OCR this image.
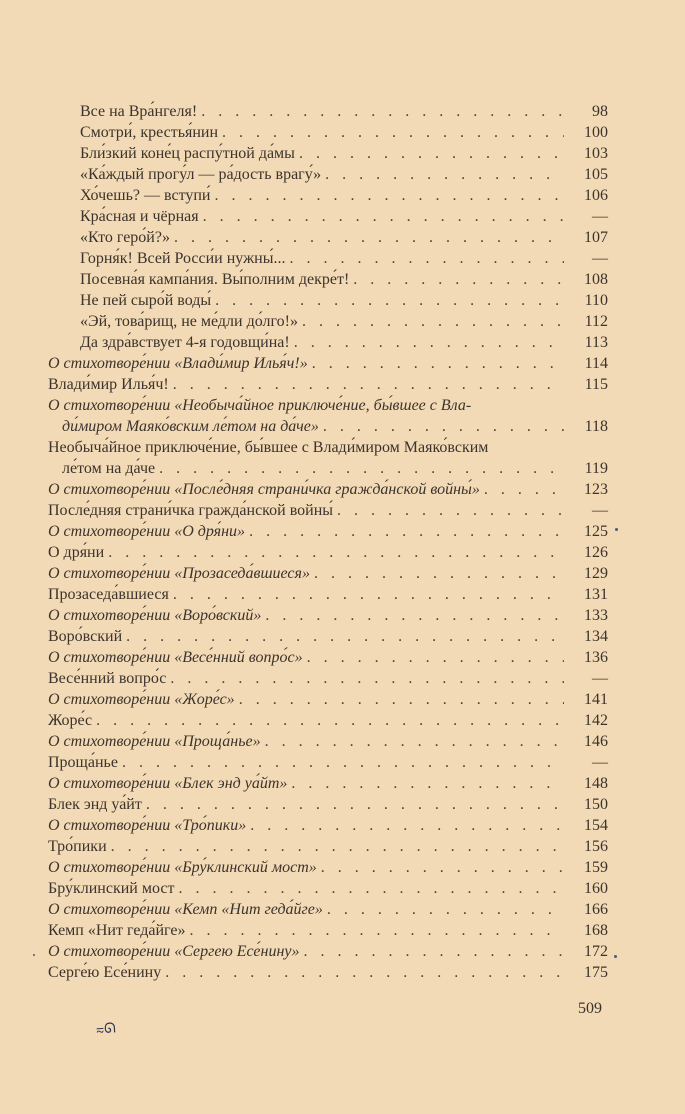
Все на Вра́нгеля! . . .	98
Смотри́, крестья́нин . . .	100
Бли́зкий коне́ц распу́тной да́мы . . .	103
«Ка́ждый прогу́л — ра́дость врагу́» . . .	105
Хо́чешь? — вступи́ . . .	106
Кра́сная и чёрная . . .	—
«Кто геро́й?» . . .	107
Горня́к! Всей Росси́и нужны́... . . .	—
Посевна́я кампа́ния. Вы́полним декре́т! . . .	108
Не пей сыро́й воды́ . . .	110
«Эй, това́рищ, не ме́дли до́лго!» . . .	112
Да здра́вствует 4-я годовщи́на! . . .	113
О стихотворе́нии «Влади́мир Илья́ч!» . . .	114
Влади́мир Илья́ч! . . .	115
О стихотворе́нии «Необыча́йное приключе́ние, бы́вшее с Вла-
ди́миром Маяко́вским ле́том на да́че» . . .	118
Необыча́йное приключе́ние, бы́вшее с Влади́миром Маяко́вским
ле́том на да́че . . .	119
О стихотворе́нии «После́дняя страни́чка гражда́нской войны́» . . .	123
После́дняя страни́чка гражда́нской войны́ . . .	—
О стихотворе́нии «О дря́ни» . . .	125
О дря́ни . . .	126
О стихотворе́нии «Прозаседа́вшиеся» . . .	129
Прозаседа́вшиеся . . .	131
О стихотворе́нии «Воро́вский» . . .	133
Воро́вский . . .	134
О стихотворе́нии «Весе́нний вопро́с» . . .	136
Весе́нний вопро́с . . .	—
О стихотворе́нии «Жоре́с» . . .	141
Жоре́с . . .	142
О стихотворе́нии «Проща́нье» . . .	146
Проща́нье . . .	—
О стихотворе́нии «Блек энд уа́йт» . . .	148
Блек энд уа́йт . . .	150
О стихотворе́нии «Тро́пики» . . .	154
Тро́пики . . .	156
О стихотворе́нии «Бру́клинский мост» . . .	159
Бру́клинский мост . . .	160
О стихотворе́нии «Кемп «Нит геда́йге» . . .	166
Кемп «Нит геда́йге» . . .	168
О стихотворе́нии «Сергею Есе́нину» . . .	172
Серге́ю Есе́нину . . .	175
509
≂ᘏ
